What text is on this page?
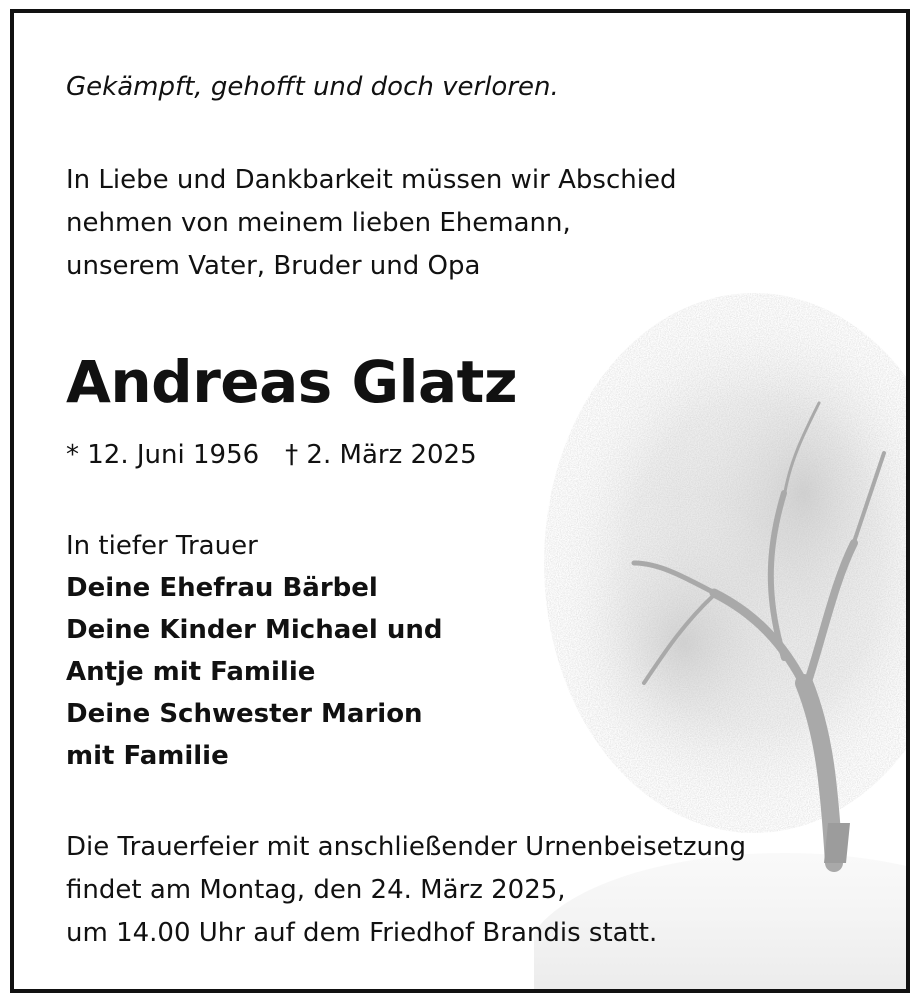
Gekämpft, gehofft und doch verloren.
In Liebe und Dankbarkeit müssen wir Abschied
nehmen von meinem lieben Ehemann,
unserem Vater, Bruder und Opa
Andreas Glatz
* 12. Juni 1956 † 2. März 2025
In tiefer Trauer
Deine Ehefrau Bärbel
Deine Kinder Michael und
Antje mit Familie
Deine Schwester Marion
mit Familie
Die Trauerfeier mit anschließender Urnenbeisetzung
findet am Montag, den 24. März 2025,
um 14.00 Uhr auf dem Friedhof Brandis statt.
